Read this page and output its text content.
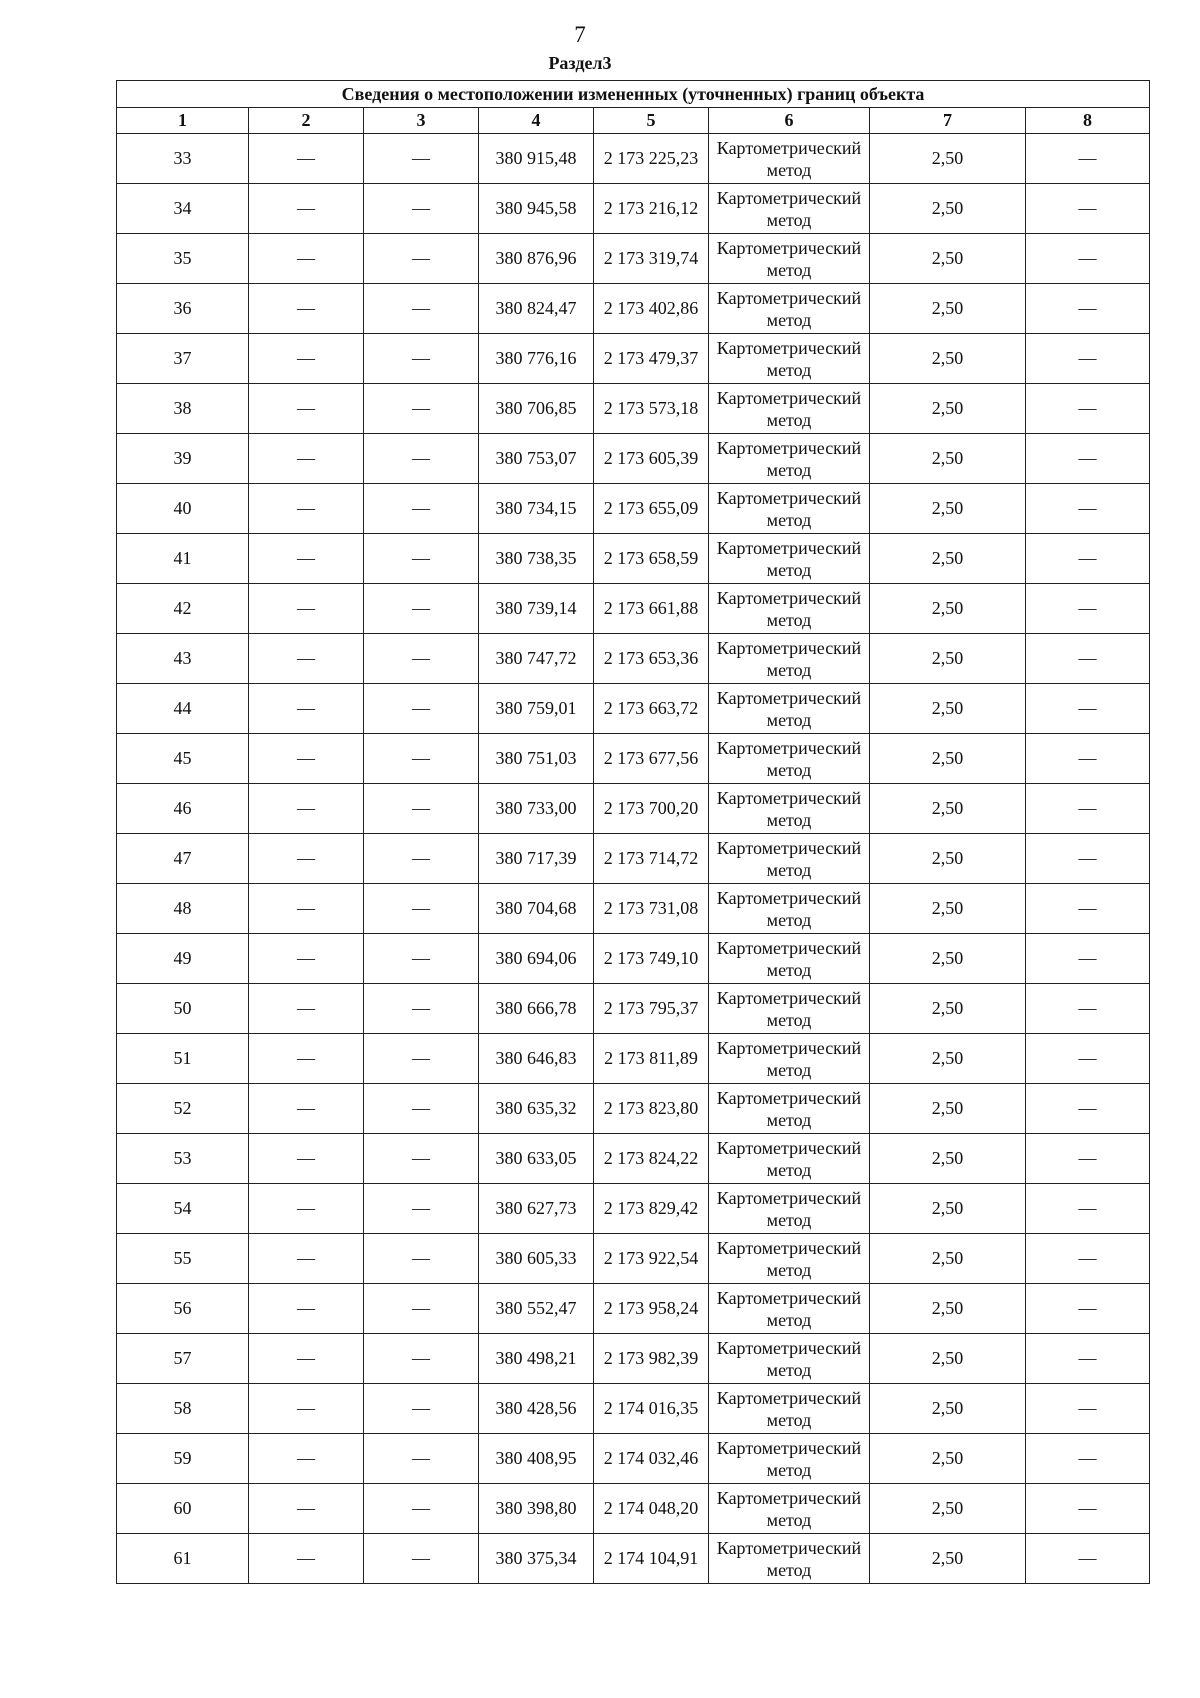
7
Раздел3
Сведения о местоположении измененных (уточненных) границ объекта							
1	2	3	4	5	6	7	8
33	—	—	380 915,48	2 173 225,23	Картометрический метод	2,50	—
34	—	—	380 945,58	2 173 216,12	Картометрический метод	2,50	—
35	—	—	380 876,96	2 173 319,74	Картометрический метод	2,50	—
36	—	—	380 824,47	2 173 402,86	Картометрический метод	2,50	—
37	—	—	380 776,16	2 173 479,37	Картометрический метод	2,50	—
38	—	—	380 706,85	2 173 573,18	Картометрический метод	2,50	—
39	—	—	380 753,07	2 173 605,39	Картометрический метод	2,50	—
40	—	—	380 734,15	2 173 655,09	Картометрический метод	2,50	—
41	—	—	380 738,35	2 173 658,59	Картометрический метод	2,50	—
42	—	—	380 739,14	2 173 661,88	Картометрический метод	2,50	—
43	—	—	380 747,72	2 173 653,36	Картометрический метод	2,50	—
44	—	—	380 759,01	2 173 663,72	Картометрический метод	2,50	—
45	—	—	380 751,03	2 173 677,56	Картометрический метод	2,50	—
46	—	—	380 733,00	2 173 700,20	Картометрический метод	2,50	—
47	—	—	380 717,39	2 173 714,72	Картометрический метод	2,50	—
48	—	—	380 704,68	2 173 731,08	Картометрический метод	2,50	—
49	—	—	380 694,06	2 173 749,10	Картометрический метод	2,50	—
50	—	—	380 666,78	2 173 795,37	Картометрический метод	2,50	—
51	—	—	380 646,83	2 173 811,89	Картометрический метод	2,50	—
52	—	—	380 635,32	2 173 823,80	Картометрический метод	2,50	—
53	—	—	380 633,05	2 173 824,22	Картометрический метод	2,50	—
54	—	—	380 627,73	2 173 829,42	Картометрический метод	2,50	—
55	—	—	380 605,33	2 173 922,54	Картометрический метод	2,50	—
56	—	—	380 552,47	2 173 958,24	Картометрический метод	2,50	—
57	—	—	380 498,21	2 173 982,39	Картометрический метод	2,50	—
58	—	—	380 428,56	2 174 016,35	Картометрический метод	2,50	—
59	—	—	380 408,95	2 174 032,46	Картометрический метод	2,50	—
60	—	—	380 398,80	2 174 048,20	Картометрический метод	2,50	—
61	—	—	380 375,34	2 174 104,91	Картометрический метод	2,50	—
